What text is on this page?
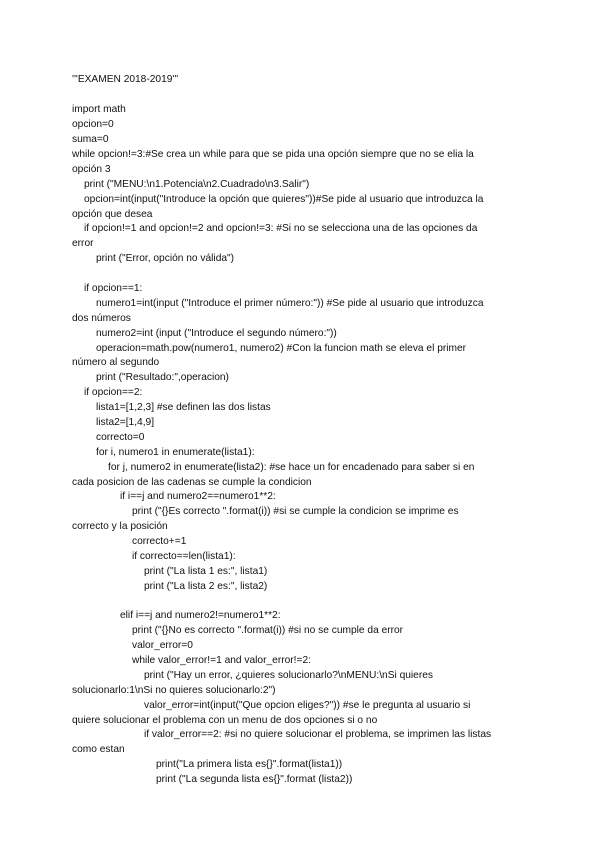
'''EXAMEN 2018-2019'''
import math
opcion=0
suma=0
while opcion!=3:#Se crea un while para que se pida una opción siempre que no se elia la
opción 3
print ("MENU:\n1.Potencia\n2.Cuadrado\n3.Salir")
opcion=int(input("Introduce la opción que quieres"))#Se pide al usuario que introduzca la
opción que desea
if opcion!=1 and opcion!=2 and opcion!=3: #Si no se selecciona una de las opciones da
error
print ("Error, opción no válida")
if opcion==1:
numero1=int(input ("Introduce el primer número:")) #Se pide al usuario que introduzca
dos números
numero2=int (input ("Introduce el segundo número:"))
operacion=math.pow(numero1, numero2) #Con la funcion math se eleva el primer
número al segundo
print ("Resultado:",operacion)
if opcion==2:
lista1=[1,2,3] #se definen las dos listas
lista2=[1,4,9]
correcto=0
for i, numero1 in enumerate(lista1):
for j, numero2 in enumerate(lista2): #se hace un for encadenado para saber si en
cada posicion de las cadenas se cumple la condicion
if i==j and numero2==numero1**2:
print ("{}Es correcto ".format(i)) #si se cumple la condicion se imprime es
correcto y la posición
correcto+=1
if correcto==len(lista1):
print ("La lista 1 es:", lista1)
print ("La lista 2 es:", lista2)
elif i==j and numero2!=numero1**2:
print ("{}No es correcto ".format(i)) #si no se cumple da error
valor_error=0
while valor_error!=1 and valor_error!=2:
print ("Hay un error, ¿quieres solucionarlo?\nMENU:\nSi quieres
solucionarlo:1\nSi no quieres solucionarlo:2")
valor_error=int(input("Que opcion eliges?")) #se le pregunta al usuario si
quiere solucionar el problema con un menu de dos opciones si o no
if valor_error==2: #si no quiere solucionar el problema, se imprimen las listas
como estan
print("La primera lista es{}".format(lista1))
print ("La segunda lista es{}".format (lista2))
